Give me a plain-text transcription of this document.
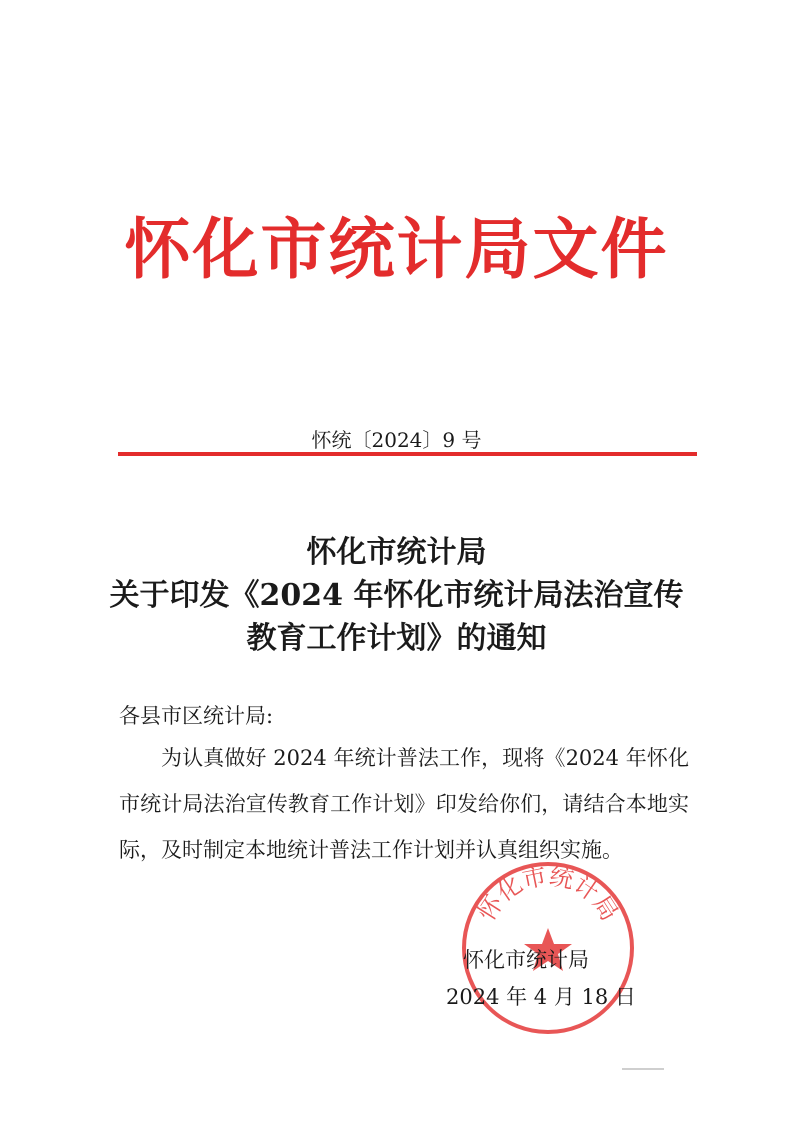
怀化市统计局文件
怀统〔2024〕9 号
怀化市统计局
关于印发《2024 年怀化市统计局法治宣传
教育工作计划》的通知
各县市区统计局:
为认真做好 2024 年统计普法工作，现将《2024 年怀化市统计局法治宣传教育工作计划》印发给你们，请结合本地实际，及时制定本地统计普法工作计划并认真组织实施。
怀化市统计局
怀化市统计局
2024 年 4 月 18 日
